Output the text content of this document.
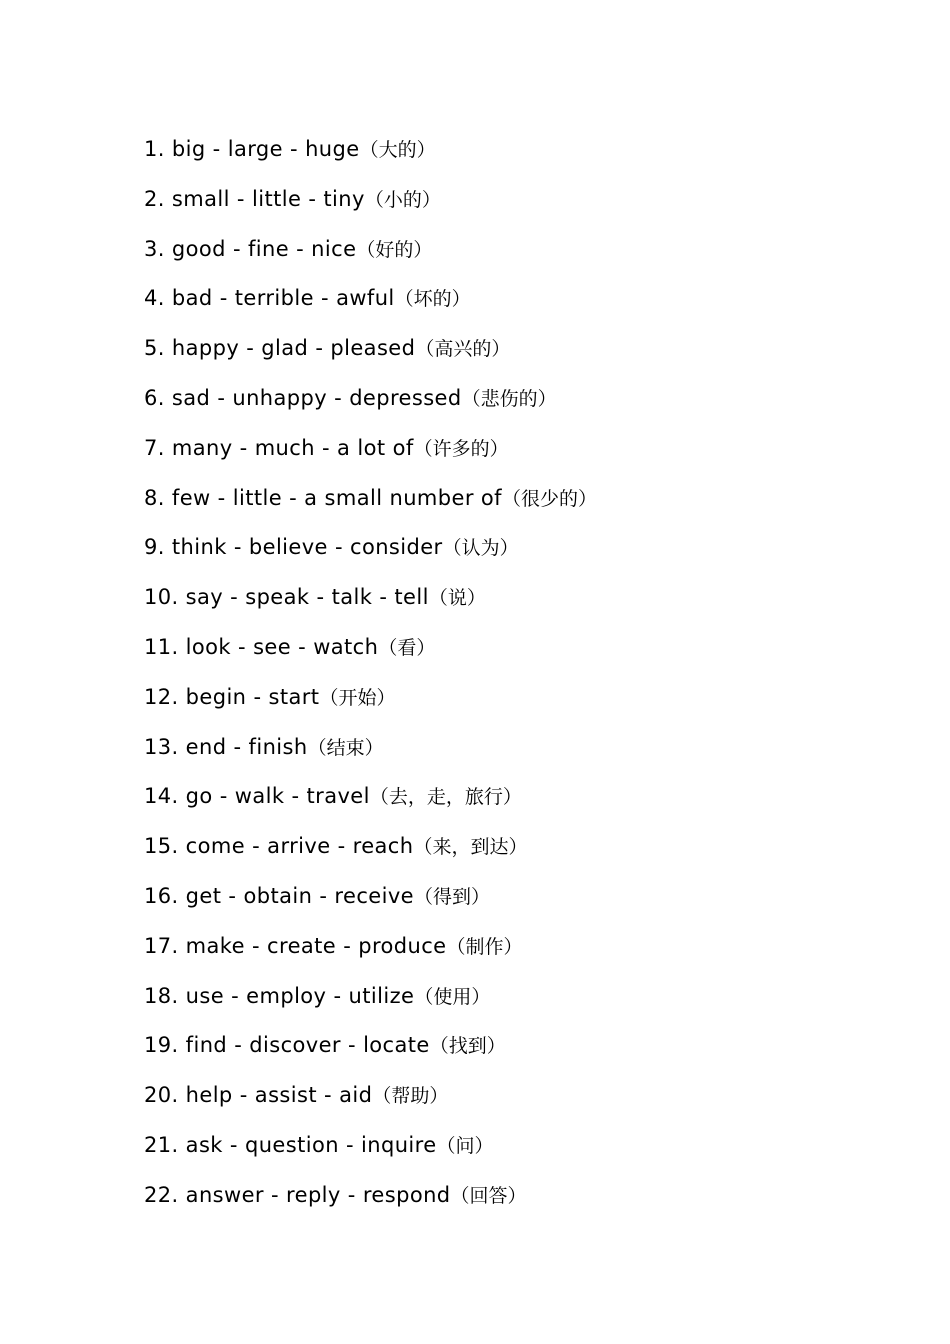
1. big - large - huge（大的）
2. small - little - tiny（小的）
3. good - fine - nice（好的）
4. bad - terrible - awful（坏的）
5. happy - glad - pleased（高兴的）
6. sad - unhappy - depressed（悲伤的）
7. many - much - a lot of（许多的）
8. few - little - a small number of（很少的）
9. think - believe - consider（认为）
10. say - speak - talk - tell（说）
11. look - see - watch（看）
12. begin - start（开始）
13. end - finish（结束）
14. go - walk - travel（去，走，旅行）
15. come - arrive - reach（来，到达）
16. get - obtain - receive（得到）
17. make - create - produce（制作）
18. use - employ - utilize（使用）
19. find - discover - locate（找到）
20. help - assist - aid（帮助）
21. ask - question - inquire（问）
22. answer - reply - respond（回答）
